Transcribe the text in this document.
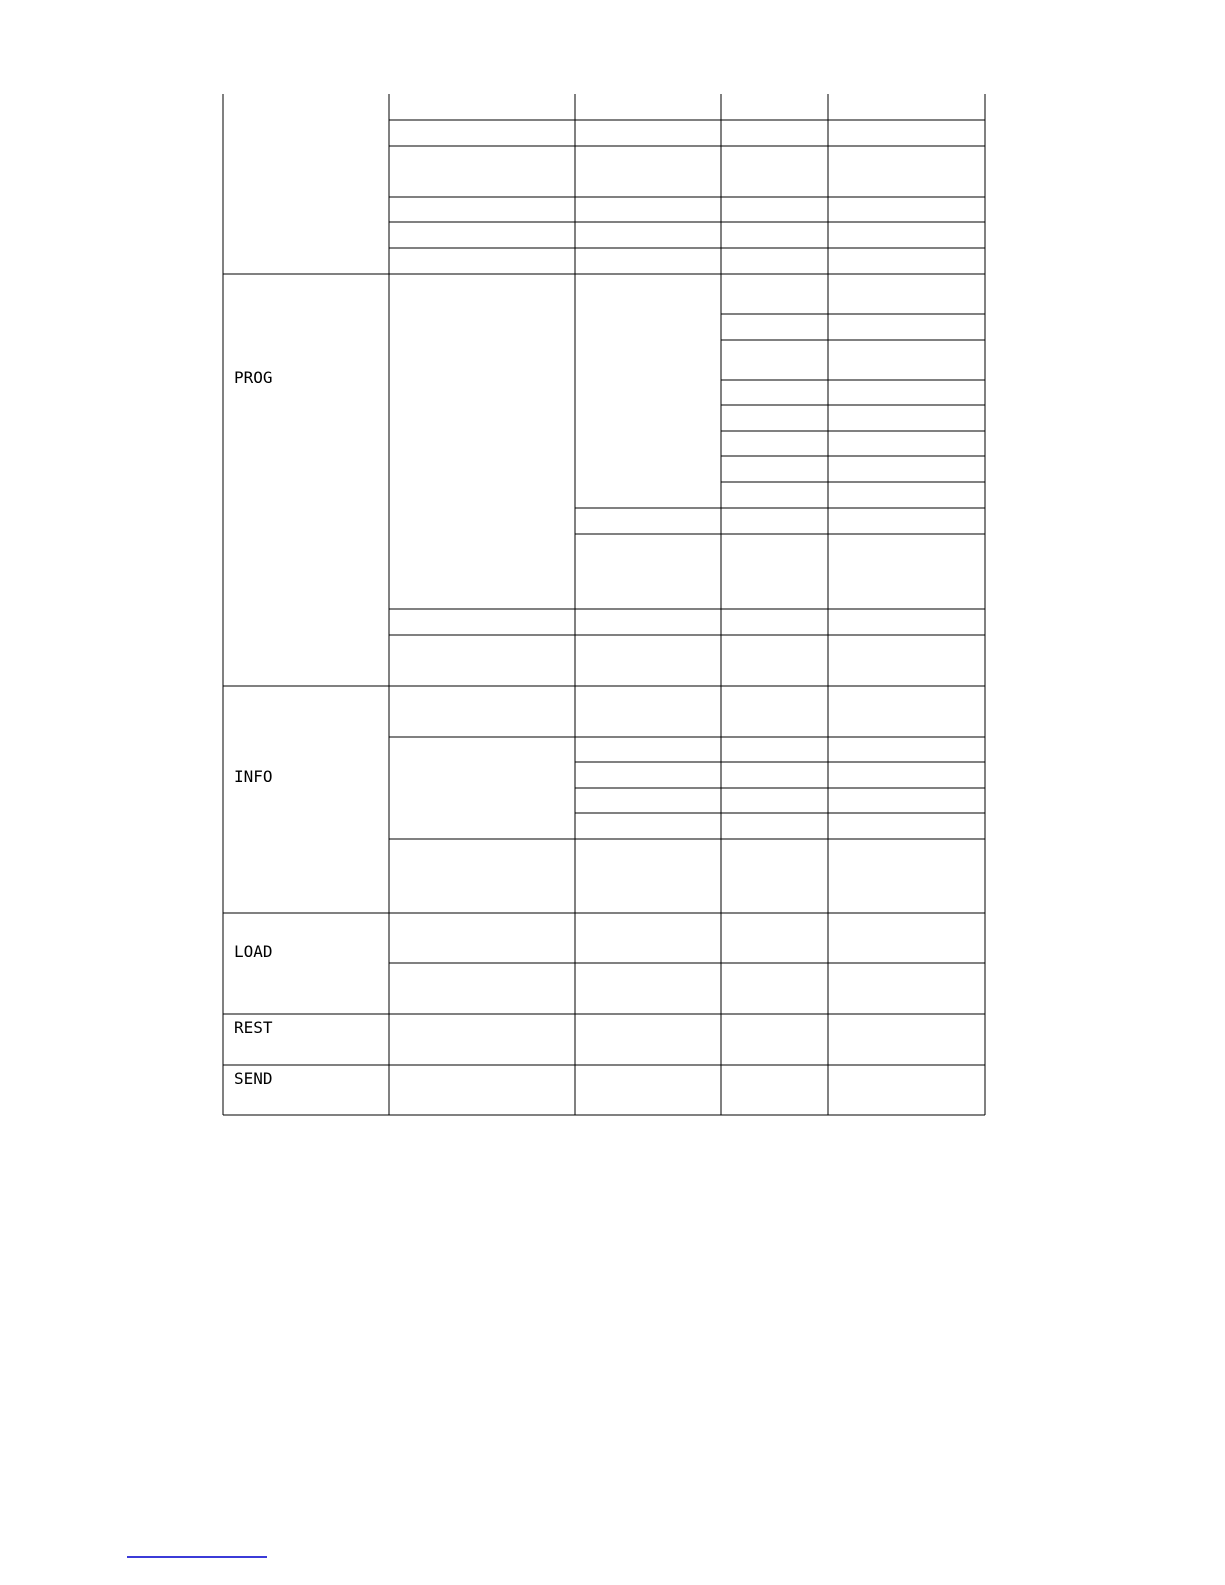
PROG
INFO
LOAD
REST
SEND
